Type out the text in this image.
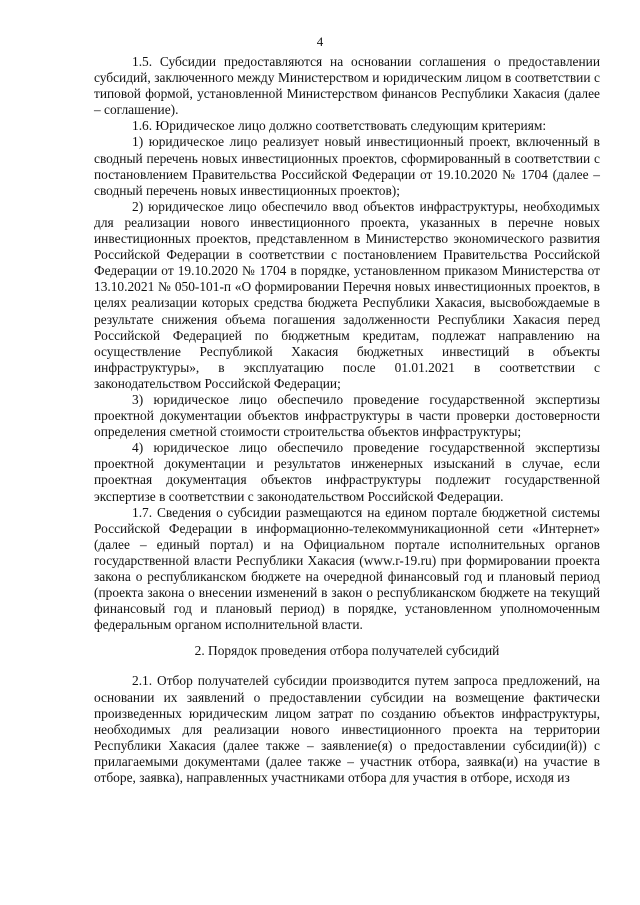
4

1.5. Субсидии предоставляются на основании соглашения о предоставлении субсидий, заключенного между Министерством и юридическим лицом в соответствии с типовой формой, установленной Министерством финансов Республики Хакасия (далее – соглашение).

1.6. Юридическое лицо должно соответствовать следующим критериям:

1) юридическое лицо реализует новый инвестиционный проект, включенный в сводный перечень новых инвестиционных проектов, сформированный в соответствии с постановлением Правительства Российской Федерации от 19.10.2020 № 1704 (далее – сводный перечень новых инвестиционных проектов);

2) юридическое лицо обеспечило ввод объектов инфраструктуры, необходимых для реализации нового инвестиционного проекта, указанных в перечне новых инвестиционных проектов, представленном в Министерство экономического развития Российской Федерации в соответствии с постановлением Правительства Российской Федерации от 19.10.2020 № 1704 в порядке, установленном приказом Министерства от 13.10.2021 № 050-101-п «О формировании Перечня новых инвестиционных проектов, в целях реализации которых средства бюджета Республики Хакасия, высвобождаемые в результате снижения объема погашения задолженности Республики Хакасия перед Российской Федерацией по бюджетным кредитам, подлежат направлению на осуществление Республикой Хакасия бюджетных инвестиций в объекты инфраструктуры», в эксплуатацию после 01.01.2021 в соответствии с законодательством Российской Федерации;

3) юридическое лицо обеспечило проведение государственной экспертизы проектной документации объектов инфраструктуры в части проверки достоверности определения сметной стоимости строительства объектов инфраструктуры;

4) юридическое лицо обеспечило проведение государственной экспертизы проектной документации и результатов инженерных изысканий в случае, если проектная документация объектов инфраструктуры подлежит государственной экспертизе в соответствии с законодательством Российской Федерации.

1.7. Сведения о субсидии размещаются на едином портале бюджетной системы Российской Федерации в информационно-телекоммуникационной сети «Интернет» (далее – единый портал) и на Официальном портале исполнительных органов государственной власти Республики Хакасия (www.r-19.ru) при формировании проекта закона о республиканском бюджете на очередной финансовый год и плановый период (проекта закона о внесении изменений в закон о республиканском бюджете на текущий финансовый год и плановый период) в порядке, установленном уполномоченным федеральным органом исполнительной власти.

2. Порядок проведения отбора получателей субсидий

2.1. Отбор получателей субсидии производится путем запроса предложений, на основании их заявлений о предоставлении субсидии на возмещение фактически произведенных юридическим лицом затрат по созданию объектов инфраструктуры, необходимых для реализации нового инвестиционного проекта на территории Республики Хакасия (далее также – заявление(я) о предоставлении субсидии(й)) с прилагаемыми документами (далее также – участник отбора, заявка(и) на участие в отборе, заявка), направленных участниками отбора для участия в отборе, исходя из
